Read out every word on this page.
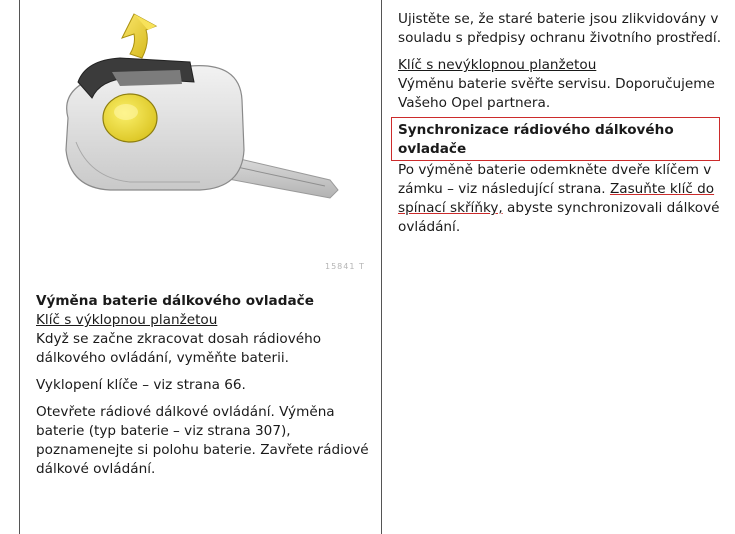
15841 T
Výměna baterie dálkového ovladače
Klíč s výklopnou planžetou

Když se začne zkracovat dosah rádiového dálkového ovládání, vyměňte baterii.

Vyklopení klíče – viz strana 66.

Otevřete rádiové dálkové ovládání. Výměna baterie (typ baterie – viz strana 307), poznamenejte si polohu baterie. Zavřete rádiové dálkové ovládání.

Ujistěte se, že staré baterie jsou zlikvidovány v souladu s předpisy ochranu životního prostředí.

Klíč s nevýklopnou planžetou

Výměnu baterie svěřte servisu. Doporučujeme Vašeho Opel partnera.

Synchronizace rádiového dálkového ovladače

Po výměně baterie odemkněte dveře klíčem v zámku – viz následující strana. Zasuňte klíč do spínací skříňky, abyste synchronizovali dálkové ovládání.
